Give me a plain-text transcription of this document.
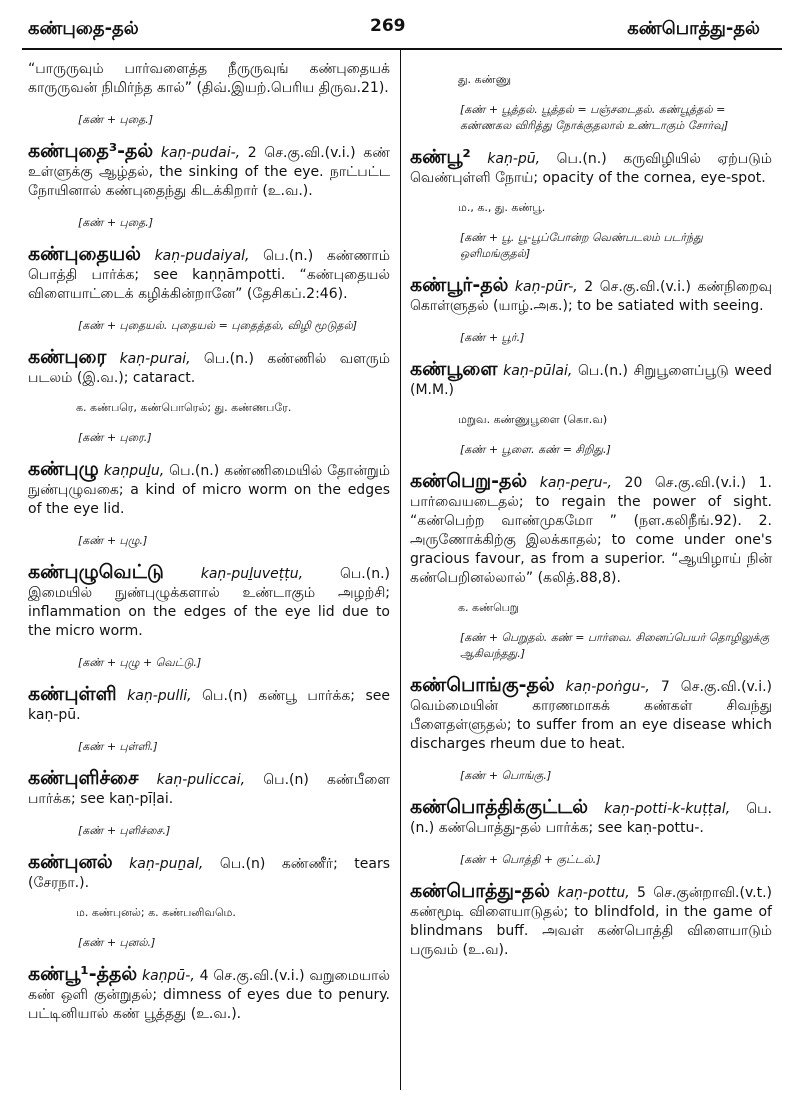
கண்புதை-தல்	269	கண்பொத்து-தல்
“பாருருவும் பார்வளைத்த நீருருவுங் கண்புதையக் காருருவன் நிமிர்ந்த கால்” (திவ்.இயற்.பெரிய திருவ.21).
[கண் + புதை.]
கண்புதை³-தல் kaṇ-pudai-, 2 செ.கு.வி.(v.i.) கண் உள்ளுக்கு ஆழ்தல், the sinking of the eye. நாட்பட்ட நோயினால் கண்புதைந்து கிடக்கிறார் (உ.வ.).
[கண் + புதை.]
கண்புதையல் kaṇ-pudaiyal, பெ.(n.) கண்ணாம் பொத்தி பார்க்க; see kaṇṇāmpotti. “கண்புதையல் விளையாட்டைக் கழிக்கின்றானே” (தேசிகப்.2:46).
[கண் + புதையல். புதையல் = புதைத்தல், விழி மூடுதல்]
கண்புரை kaṇ-purai, பெ.(n.) கண்ணில் வளரும் படலம் (இ.வ.); cataract.
க. கண்பரெ, கண்பொரெல்; து. கண்ணபரே.
[கண் + புரை.]
கண்புழு kaṇpuḻu, பெ.(n.) கண்ணிமையில் தோன்றும் நுண்புழுவகை; a kind of micro worm on the edges of the eye lid.
[கண் + புழு.]
கண்புழுவெட்டு	kaṇ-puḻuveṭṭu,	பெ.(n.) இமையில் நுண்புழுக்களால் உண்டாகும் அழற்சி; inflammation on the edges of the eye lid due to the micro worm.
[கண் + புழு + வெட்டு.]
கண்புள்ளி kaṇ-pulli, பெ.(n) கண்பூ பார்க்க; see kaṇ-pū.
[கண் + புள்ளி.]
கண்புளிச்சை kaṇ-puliccai, பெ.(n) கண்பீளை பார்க்க; see kaṇ-pīḷai.
[கண் + புளிச்சை.]
கண்புனல் kaṇ-puṉal, பெ.(n) கண்ணீர்; tears (சேரநா.).
ம. கண்புனல்; க. கண்பனிவமெ.
[கண் + புனல்.]
கண்பூ¹-த்தல் kaṇpū-, 4 செ.கு.வி.(v.i.) வறுமையால் கண் ஒளி குன்றுதல்; dimness of eyes due to penury. பட்டினியால் கண் பூத்தது (உ.வ.).
து. கண்ணு
[கண் + பூத்தல். பூத்தல் = பஞ்சடைதல். கண்பூத்தல் = கண்ணகல விரித்து நோக்குதலால் உண்டாகும் சோர்வு]
கண்பூ² kaṇ-pū, பெ.(n.) கருவிழியில் ஏற்படும் வெண்புள்ளி நோய்; opacity of the cornea, eye-spot.
ம., க., து. கண்பூ.
[கண் + பூ. பூ-பூப்போன்ற வெண்படலம் படர்ந்து ஒளிமங்குதல்]
கண்பூர்-தல் kaṇ-pūr-, 2 செ.கு.வி.(v.i.) கண்நிறைவு கொள்ளுதல் (யாழ்.அக.); to be satiated with seeing.
[கண் + பூர்.]
கண்பூளை kaṇ-pūlai, பெ.(n.) சிறுபூளைப்பூடு weed (M.M.)
மறுவ. கண்ணுபூளை (கொ.வ)
[கண் + பூளை. கண் = சிறிது.]
கண்பெறு-தல் kaṇ-peṟu-, 20 செ.கு.வி.(v.i.) 1. பார்வையடைதல்; to regain the power of sight. “கண்பெற்ற வாண்முகமோ ” (நள.கலிநீங்.92). 2. அருணோக்கிற்கு இலக்காதல்; to come under one's gracious favour, as from a superior. “ஆயிழாய் நின் கண்பெறினல்லால்” (கலித்.88,8).
க. கண்பெறு
[கண் + பெறுதல். கண் = பார்வை. சினைப்பெயர் தொழிலுக்கு ஆகிவந்தது.]
கண்பொங்கு-தல் kaṇ-poṅgu-, 7 செ.கு.வி.(v.i.) வெம்மையின் காரணமாகக் கண்கள் சிவந்து பீளைதள்ளுதல்; to suffer from an eye disease which discharges rheum due to heat.
[கண் + பொங்கு.]
கண்பொத்திக்குட்டல் kaṇ-potti-k-kuṭṭal, பெ.(n.) கண்பொத்து-தல் பார்க்க; see kaṇ-pottu-.
[கண் + பொத்தி + குட்டல்.]
கண்பொத்து-தல் kaṇ-pottu, 5 செ.குன்றாவி.(v.t.) கண்மூடி விளையாடுதல்; to blindfold, in the game of blindmans buff. அவள் கண்பொத்தி விளையாடும் பருவம் (உ.வ).
